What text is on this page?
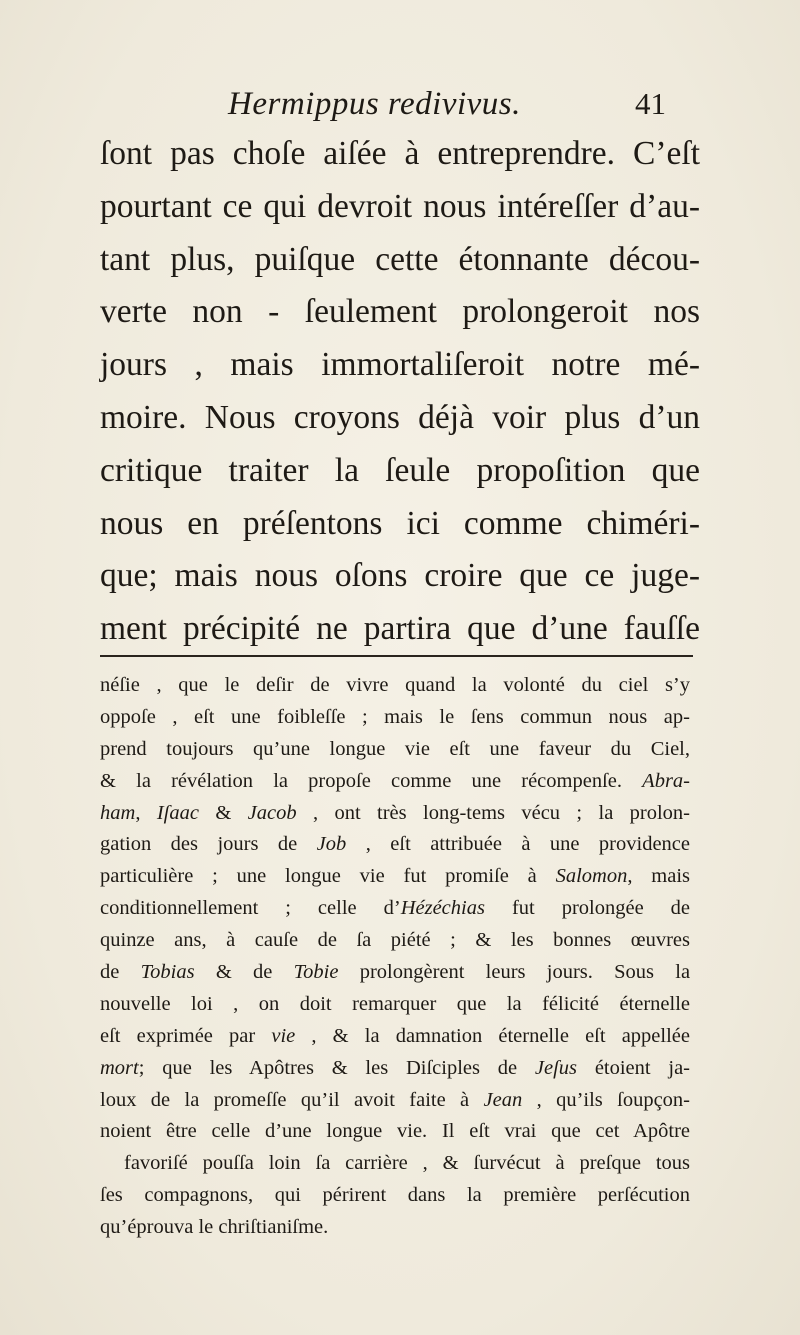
Hermippus redivivus.	41
ſont pas choſe aiſée à entreprendre. C’eſt
pourtant ce qui devroit nous intéreſſer d’au-
tant plus, puiſque cette étonnante décou-
verte non - ſeulement prolongeroit nos
jours , mais immortaliſeroit notre mé-
moire. Nous croyons déjà voir plus d’un
critique traiter la ſeule propoſition que
nous en préſentons ici comme chiméri-
que; mais nous oſons croire que ce juge-
ment précipité ne partira que d’une fauſſe
néſie , que le deſir de vivre quand la volonté du ciel s’y
oppoſe , eſt une foibleſſe ; mais le ſens commun nous ap-
prend toujours qu’une longue vie eſt une faveur du Ciel,
& la révélation la propoſe comme une récompenſe. Abra-
ham, Iſaac & Jacob , ont très long-tems vécu ; la prolon-
gation des jours de Job , eſt attribuée à une providence
particulière ; une longue vie fut promiſe à Salomon, mais
conditionnellement ; celle d’Hézéchias fut prolongée de
quinze ans, à cauſe de ſa piété ; & les bonnes œuvres
de Tobias & de Tobie prolongèrent leurs jours. Sous la
nouvelle loi , on doit remarquer que la félicité éternelle
eſt exprimée par vie , & la damnation éternelle eſt appellée
mort; que les Apôtres & les Diſciples de Jeſus étoient ja-
loux de la promeſſe qu’il avoit faite à Jean , qu’ils ſoupçon-
noient être celle d’une longue vie. Il eſt vrai que cet Apôtre
favoriſé pouſſa loin ſa carrière , & ſurvécut à preſque tous
ſes compagnons, qui périrent dans la première perſécution
qu’éprouva le chriſtianiſme.
